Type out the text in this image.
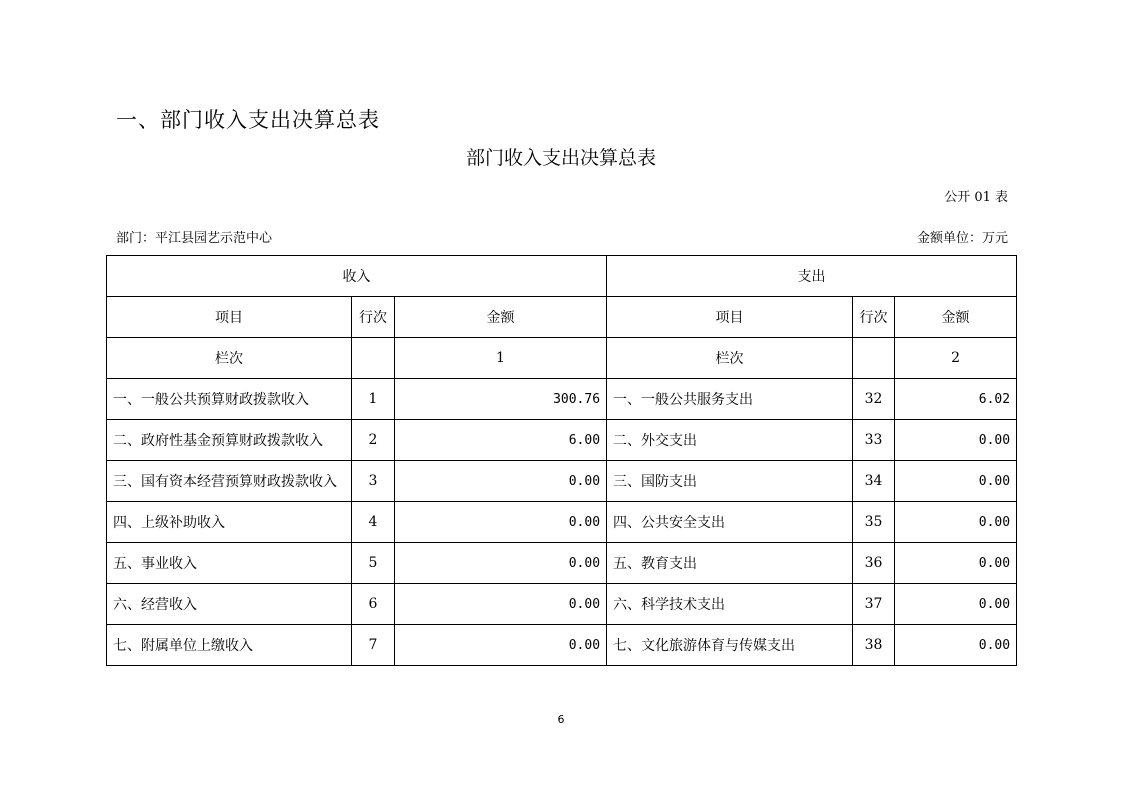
一、部门收入支出决算总表
部门收入支出决算总表
公开 01 表
部门：平江县园艺示范中心	金额单位：万元
收入			支出		
项目	行次	金额	项目	行次	金额
栏次		1	栏次		2
一、一般公共预算财政拨款收入	1	300.76	一、一般公共服务支出	32	6.02
二、政府性基金预算财政拨款收入	2	6.00	二、外交支出	33	0.00
三、国有资本经营预算财政拨款收入	3	0.00	三、国防支出	34	0.00
四、上级补助收入	4	0.00	四、公共安全支出	35	0.00
五、事业收入	5	0.00	五、教育支出	36	0.00
六、经营收入	6	0.00	六、科学技术支出	37	0.00
七、附属单位上缴收入	7	0.00	七、文化旅游体育与传媒支出	38	0.00
6
